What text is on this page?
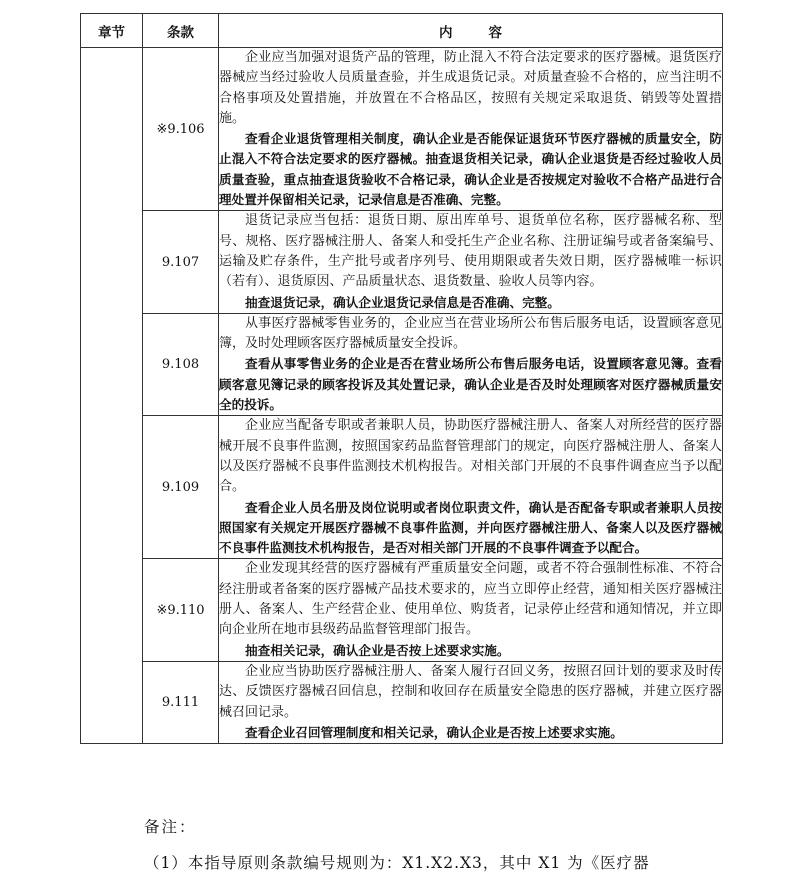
章节	条款	内容
	※9.106	企业应当加强对退货产品的管理，防止混入不符合法定要求的医疗器械。退货医疗器械应当经过验收人员质量查验，并生成退货记录。对质量查验不合格的，应当注明不合格事项及处置措施，并放置在不合格品区，按照有关规定采取退货、销毁等处置措施。
查看企业退货管理相关制度，确认企业是否能保证退货环节医疗器械的质量安全，防止混入不符合法定要求的医疗器械。抽查退货相关记录，确认企业退货是否经过验收人员质量查验，重点抽查退货验收不合格记录，确认企业是否按规定对验收不合格产品进行合理处置并保留相关记录，记录信息是否准确、完整。

	9.107	退货记录应当包括：退货日期、原出库单号、退货单位名称，医疗器械名称、型号、规格、医疗器械注册人、备案人和受托生产企业名称、注册证编号或者备案编号、运输及贮存条件，生产批号或者序列号、使用期限或者失效日期，医疗器械唯一标识（若有）、退货原因、产品质量状态、退货数量、验收人员等内容。
抽查退货记录，确认企业退货记录信息是否准确、完整。

	9.108	从事医疗器械零售业务的，企业应当在营业场所公布售后服务电话，设置顾客意见簿，及时处理顾客医疗器械质量安全投诉。
查看从事零售业务的企业是否在营业场所公布售后服务电话，设置顾客意见簿。查看顾客意见簿记录的顾客投诉及其处置记录，确认企业是否及时处理顾客对医疗器械质量安全的投诉。

	9.109	企业应当配备专职或者兼职人员，协助医疗器械注册人、备案人对所经营的医疗器械开展不良事件监测，按照国家药品监督管理部门的规定，向医疗器械注册人、备案人以及医疗器械不良事件监测技术机构报告。对相关部门开展的不良事件调查应当予以配合。
查看企业人员名册及岗位说明或者岗位职责文件，确认是否配备专职或者兼职人员按照国家有关规定开展医疗器械不良事件监测，并向医疗器械注册人、备案人以及医疗器械不良事件监测技术机构报告，是否对相关部门开展的不良事件调查予以配合。

	※9.110	企业发现其经营的医疗器械有严重质量安全问题，或者不符合强制性标准、不符合经注册或者备案的医疗器械产品技术要求的，应当立即停止经营，通知相关医疗器械注册人、备案人、生产经营企业、使用单位、购货者，记录停止经营和通知情况，并立即向企业所在地市县级药品监督管理部门报告。
抽查相关记录，确认企业是否按上述要求实施。

	9.111	企业应当协助医疗器械注册人、备案人履行召回义务，按照召回计划的要求及时传达、反馈医疗器械召回信息，控制和收回存在质量安全隐患的医疗器械，并建立医疗器械召回记录。
查看企业召回管理制度和相关记录，确认企业是否按上述要求实施。
备注：
（1）本指导原则条款编号规则为：X1.X2.X3，其中 X1 为《医疗器
